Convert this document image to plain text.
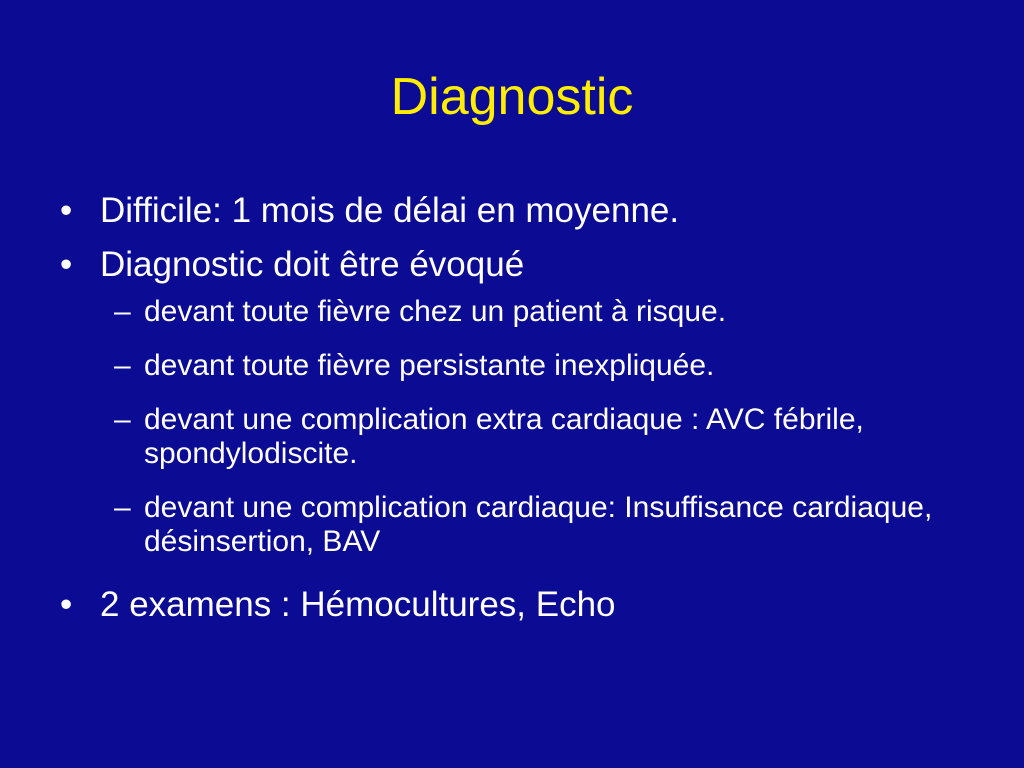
Diagnostic
• Difficile: 1 mois de délai en moyenne.
• Diagnostic doit être évoqué
– devant toute fièvre chez un patient à risque.
– devant toute fièvre persistante inexpliquée.
– devant une complication extra cardiaque : AVC fébrile, spondylodiscite.
– devant une complication cardiaque: Insuffisance cardiaque, désinsertion, BAV
• 2 examens : Hémocultures, Echo
